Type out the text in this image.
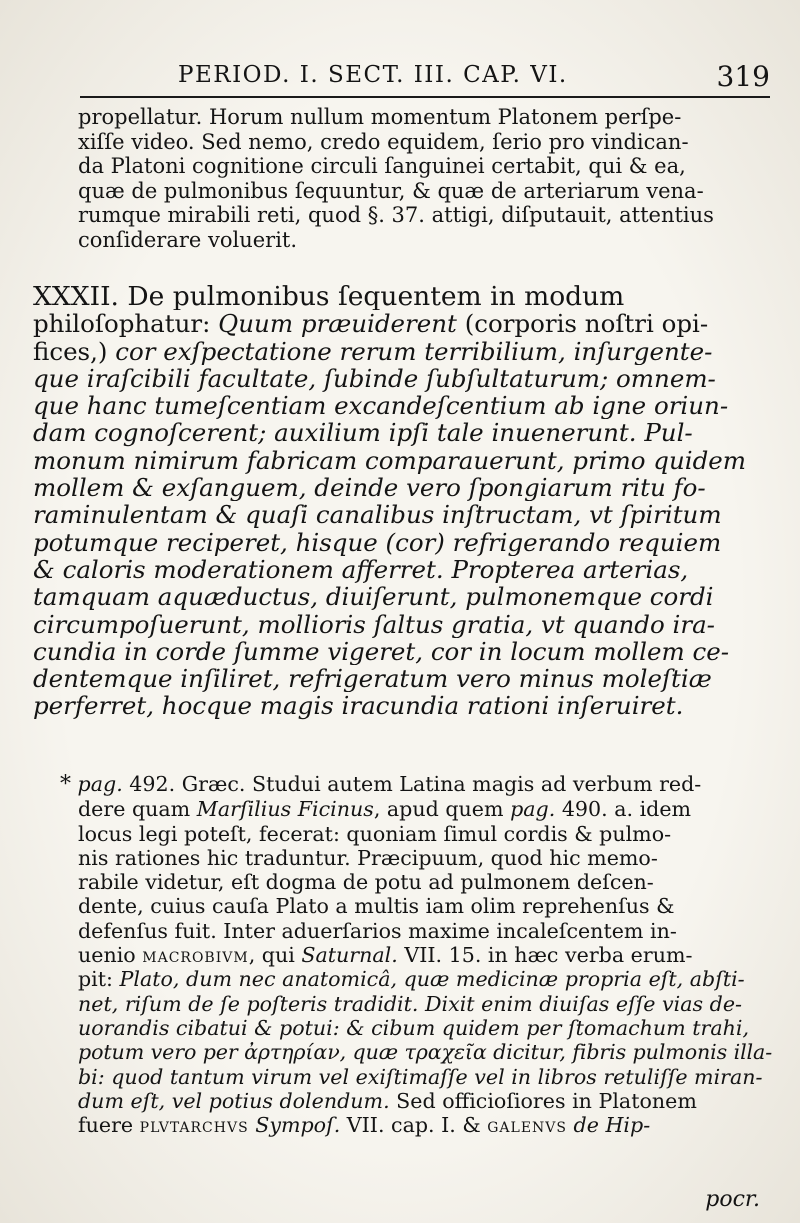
PERIOD. I. SECT. III. CAP. VI.	319
propellatur. Horum nullum momentum Platonem perſpe-
xiſſe video. Sed nemo, credo equidem, ſerio pro vindican-
da Platoni cognitione circuli ſanguinei certabit, qui & ea,
quæ de pulmonibus ſequuntur, & quæ de arteriarum vena-
rumque mirabili reti, quod §. 37. attigi, diſputauit, attentius
conſiderare voluerit.
XXXII. De pulmonibus ſequentem in modum
philoſophatur: Quum præuiderent (corporis noſtri opi-
fices,) cor exſpectatione rerum terribilium, inſurgente-
que iraſcibili facultate, ſubinde ſubſultaturum; omnem-
que hanc tumeſcentiam excandeſcentium ab igne oriun-
dam cognoſcerent; auxilium ipſi tale inuenerunt. Pul-
monum nimirum fabricam comparauerunt, primo quidem
mollem & exſanguem, deinde vero ſpongiarum ritu fo-
raminulentam & quaſi canalibus inſtructam, vt ſpiritum
potumque reciperet, hisque (cor) refrigerando requiem
& caloris moderationem afferret. Propterea arterias,
tamquam aquæductus, diuiſerunt, pulmonemque cordi
circumpoſuerunt, mollioris ſaltus gratia, vt quando ira-
cundia in corde ſumme vigeret, cor in locum mollem ce-
dentemque inſiliret, refrigeratum vero minus moleſtiæ
perferret, hocque magis iracundia rationi inſeruiret.
* pag. 492. Græc. Studui autem Latina magis ad verbum red-
dere quam Marſilius Ficinus, apud quem pag. 490. a. idem
locus legi poteſt, fecerat: quoniam ſimul cordis & pulmo-
nis rationes hic traduntur. Præcipuum, quod hic memo-
rabile videtur, eſt dogma de potu ad pulmonem deſcen-
dente, cuius cauſa Plato a multis iam olim reprehenſus &
defenſus fuit. Inter aduerſarios maxime incaleſcentem in-
uenio macrobivm, qui Saturnal. VII. 15. in hæc verba erum-
pit: Plato, dum nec anatomicâ, quæ medicinæ propria eſt, abſti-
net, riſum de ſe poſteris tradidit. Dixit enim diuiſas eſſe vias de-
uorandis cibatui & potui: & cibum quidem per ſtomachum trahi,
potum vero per ἀρτηρίαν, quæ τραχεῖα dicitur, fibris pulmonis illa-
bi: quod tantum virum vel exiſtimaſſe vel in libros retuliſſe miran-
dum eſt, vel potius dolendum. Sed officioſiores in Platonem
fuere plvtarchvs Sympoſ. VII. cap. I. & galenvs de Hip-
pocr.
